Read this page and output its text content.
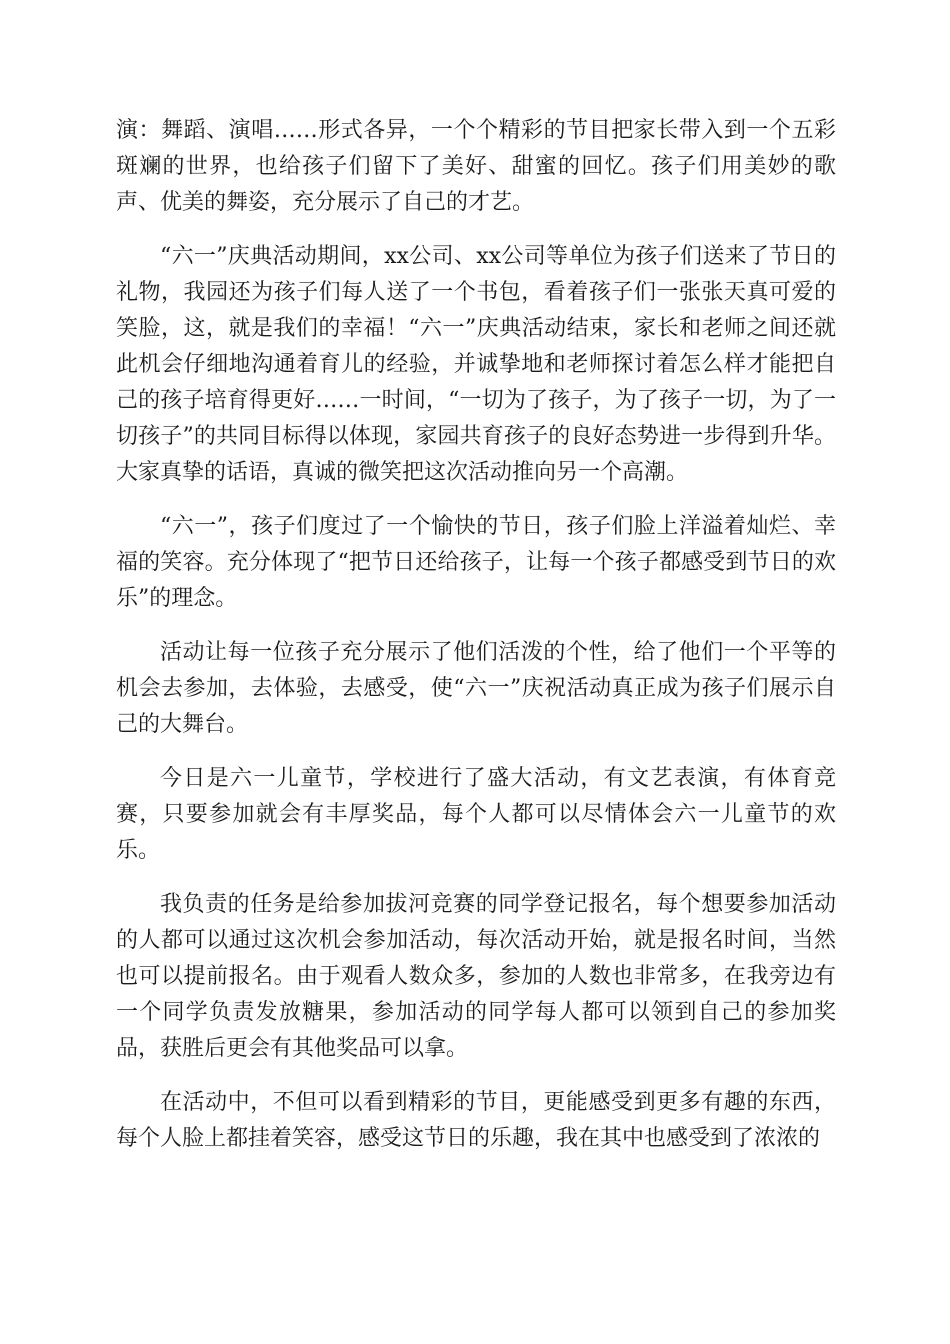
演：舞蹈、演唱……形式各异，一个个精彩的节目把家长带入到一个五彩斑斓的世界，也给孩子们留下了美好、甜蜜的回忆。孩子们用美妙的歌声、优美的舞姿，充分展示了自己的才艺。

“六一”庆典活动期间，xx公司、xx公司等单位为孩子们送来了节日的礼物，我园还为孩子们每人送了一个书包，看着孩子们一张张天真可爱的笑脸，这，就是我们的幸福！“六一”庆典活动结束，家长和老师之间还就此机会仔细地沟通着育儿的经验，并诚挚地和老师探讨着怎么样才能把自己的孩子培育得更好……一时间，“一切为了孩子，为了孩子一切，为了一切孩子”的共同目标得以体现，家园共育孩子的良好态势进一步得到升华。大家真挚的话语，真诚的微笑把这次活动推向另一个高潮。

“六一”，孩子们度过了一个愉快的节日，孩子们脸上洋溢着灿烂、幸福的笑容。充分体现了“把节日还给孩子，让每一个孩子都感受到节日的欢乐”的理念。

活动让每一位孩子充分展示了他们活泼的个性，给了他们一个平等的机会去参加，去体验，去感受，使“六一”庆祝活动真正成为孩子们展示自己的大舞台。

今日是六一儿童节，学校进行了盛大活动，有文艺表演，有体育竞赛，只要参加就会有丰厚奖品，每个人都可以尽情体会六一儿童节的欢乐。

我负责的任务是给参加拔河竞赛的同学登记报名，每个想要参加活动的人都可以通过这次机会参加活动，每次活动开始，就是报名时间，当然也可以提前报名。由于观看人数众多，参加的人数也非常多，在我旁边有一个同学负责发放糖果，参加活动的同学每人都可以领到自己的参加奖品，获胜后更会有其他奖品可以拿。

在活动中，不但可以看到精彩的节目，更能感受到更多有趣的东西，每个人脸上都挂着笑容，感受这节日的乐趣，我在其中也感受到了浓浓的
